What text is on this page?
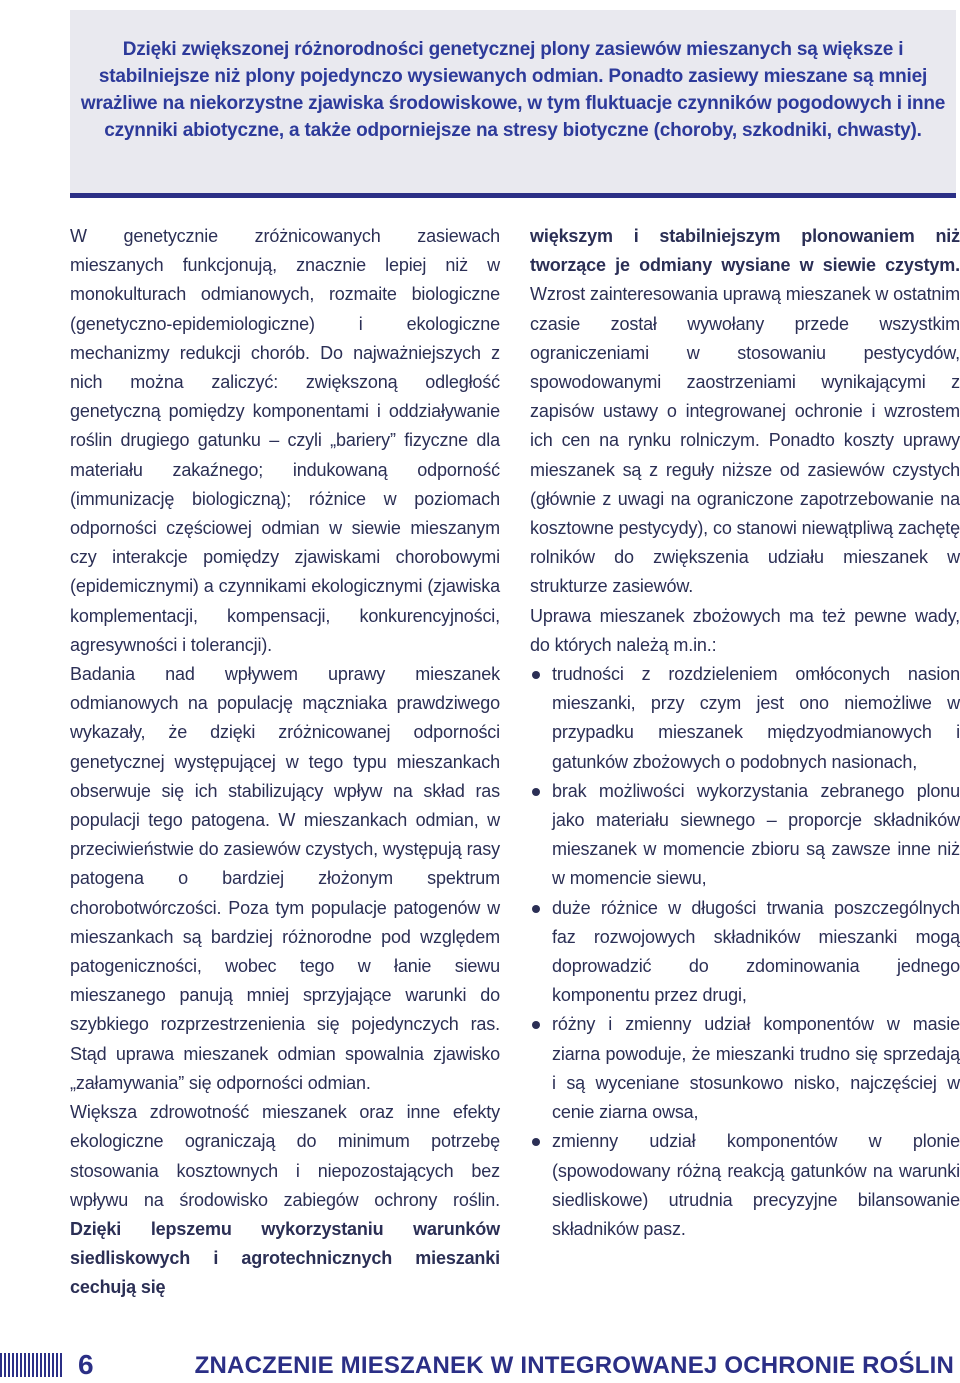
Dzięki zwiększonej różnorodności genetycznej plony zasiewów mieszanych są większe i stabilniejsze niż plony pojedynczo wysiewanych odmian. Ponadto zasiewy mieszane są mniej wrażliwe na niekorzystne zjawiska środowiskowe, w tym fluktuacje czynników pogodowych i inne czynniki abiotyczne, a także odporniejsze na stresy biotyczne (choroby, szkodniki, chwasty).

W genetycznie zróżnicowanych zasiewach mieszanych funkcjonują, znacznie lepiej niż w monokulturach odmianowych, rozmaite biologiczne (genetyczno-epidemiologiczne) i ekologiczne mechanizmy redukcji chorób. Do najważniejszych z nich można zaliczyć: zwiększoną odległość genetyczną pomiędzy komponentami i oddziaływanie roślin drugiego gatunku – czyli „bariery” fizyczne dla materiału zakaźnego; indukowaną odporność (immunizację biologiczną); różnice w poziomach odporności częściowej odmian w siewie mieszanym czy interakcje pomiędzy zjawiskami chorobowymi (epidemicznymi) a czynnikami ekologicznymi (zjawiska komplementacji, kompensacji, konkurencyjności, agresywności i tolerancji).

Badania nad wpływem uprawy mieszanek odmianowych na populację mączniaka prawdziwego wykazały, że dzięki zróżnicowanej odporności genetycznej występującej w tego typu mieszankach obserwuje się ich stabilizujący wpływ na skład ras populacji tego patogena. W mieszankach odmian, w przeciwieństwie do zasiewów czystych, występują rasy patogena o bardziej złożonym spektrum chorobotwórczości. Poza tym populacje patogenów w mieszankach są bardziej różnorodne pod względem patogeniczności, wobec tego w łanie siewu mieszanego panują mniej sprzyjające warunki do szybkiego rozprzestrzenienia się pojedynczych ras. Stąd uprawa mieszanek odmian spowalnia zjawisko „załamywania” się odporności odmian.

Większa zdrowotność mieszanek oraz inne efekty ekologiczne ograniczają do minimum potrzebę stosowania kosztownych i niepozostających bez wpływu na środowisko zabiegów ochrony roślin. Dzięki lepszemu wykorzystaniu warunków siedliskowych i agrotechnicznych mieszanki cechują się

większym i stabilniejszym plonowaniem niż tworzące je odmiany wysiane w siewie czystym. Wzrost zainteresowania uprawą mieszanek w ostatnim czasie został wywołany przede wszystkim ograniczeniami w stosowaniu pestycydów, spowodowanymi zaostrzeniami wynikającymi z zapisów ustawy o integrowanej ochronie i wzrostem ich cen na rynku rolniczym. Ponadto koszty uprawy mieszanek są z reguły niższe od zasiewów czystych (głównie z uwagi na ograniczone zapotrzebowanie na kosztowne pestycydy), co stanowi niewątpliwą zachętę rolników do zwiększenia udziału mieszanek w strukturze zasiewów.

Uprawa mieszanek zbożowych ma też pewne wady, do których należą m.in.:

trudności z rozdzieleniem omłóconych nasion mieszanki, przy czym jest ono niemożliwe w przypadku mieszanek międzyodmianowych i gatunków zbożowych o podobnych nasionach,
brak możliwości wykorzystania zebranego plonu jako materiału siewnego – proporcje składników mieszanek w momencie zbioru są zawsze inne niż w momencie siewu,
duże różnice w długości trwania poszczególnych faz rozwojowych składników mieszanki mogą doprowadzić do zdominowania jednego komponentu przez drugi,
różny i zmienny udział komponentów w masie ziarna powoduje, że mieszanki trudno się sprzedają i są wyceniane stosunkowo nisko, najczęściej w cenie ziarna owsa,
zmienny udział komponentów w plonie (spowodowany różną reakcją gatunków na warunki siedliskowe) utrudnia precyzyjne bilansowanie składników pasz.
6	ZNACZENIE MIESZANEK W INTEGROWANEJ OCHRONIE ROŚLIN
